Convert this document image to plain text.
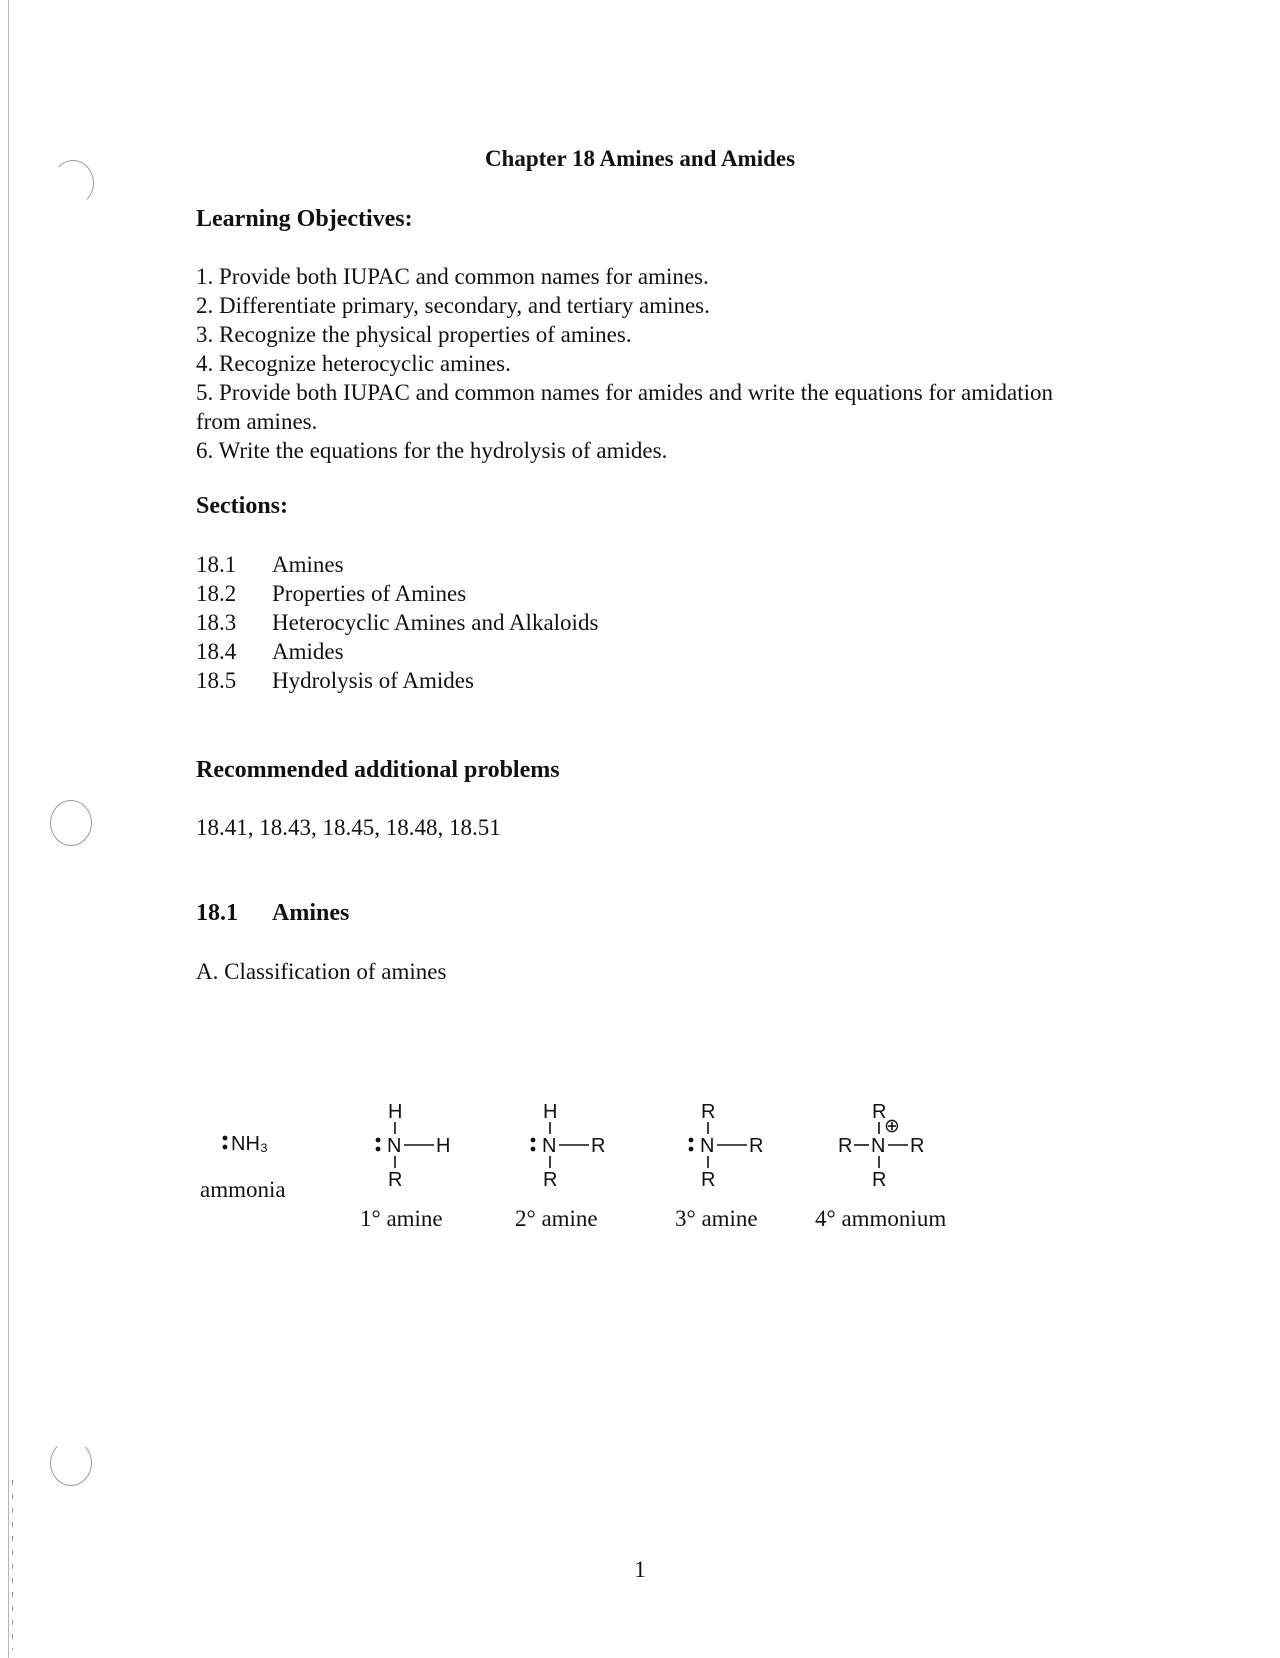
Chapter 18 Amines and Amides
Learning Objectives:
1. Provide both IUPAC and common names for amines.
2. Differentiate primary, secondary, and tertiary amines.
3. Recognize the physical properties of amines.
4. Recognize heterocyclic amines.
5. Provide both IUPAC and common names for amides and write the equations for amidation from amines.
6. Write the equations for the hydrolysis of amides.
Sections:
18.1 Amines
18.2 Properties of Amines
18.3 Heterocyclic Amines and Alkaloids
18.4 Amides
18.5 Hydrolysis of Amides
Recommended additional problems
18.41, 18.43, 18.45, 18.48, 18.51
18.1 Amines
A. Classification of amines
NH₃
ammonia
H
N H
R
1° amine
H
N R
R
2° amine
R
N R
R
3° amine
R
⊕
R N R
R
4° ammonium
1
